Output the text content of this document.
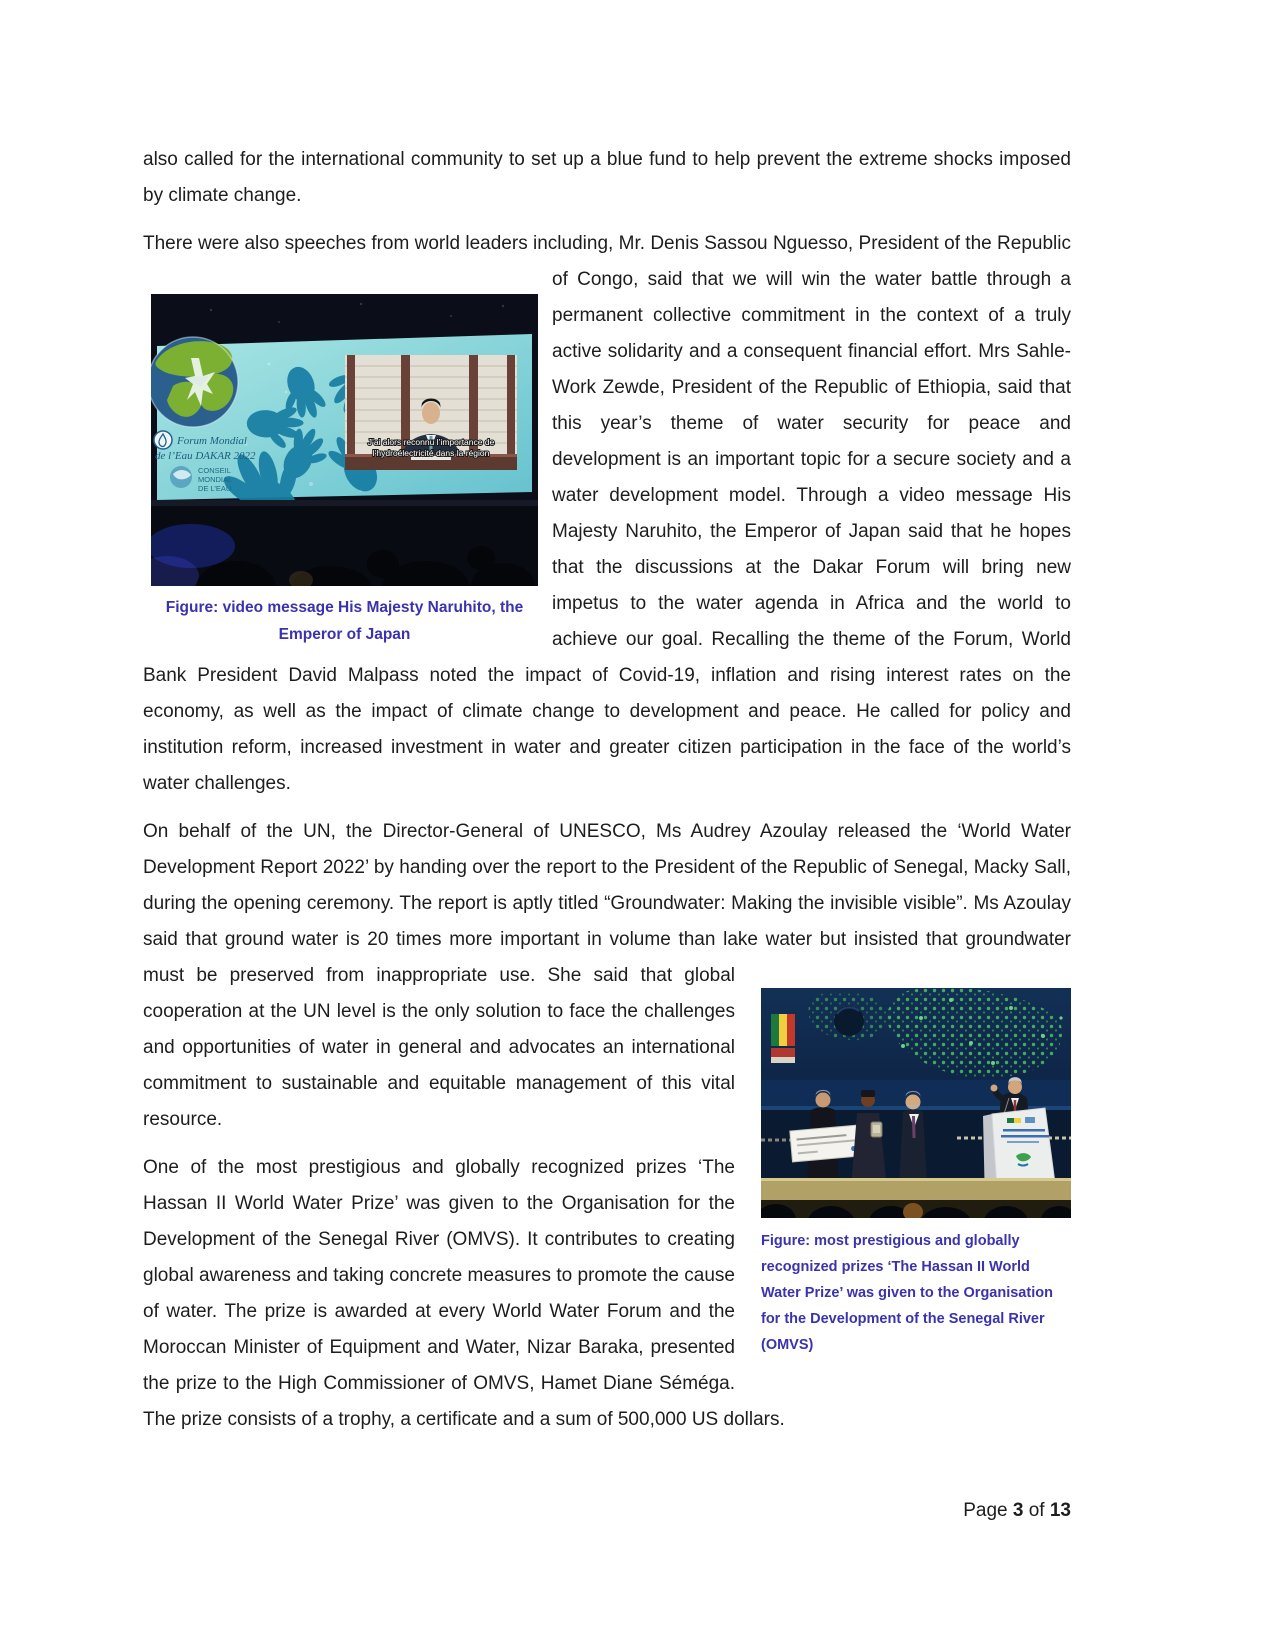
also called for the international community to set up a blue fund to help prevent the extreme shocks imposed by climate change.

There were also speeches from world leaders including, Mr. Denis Sassou Nguesso, President of the
Forum Mondial
de l’Eau DAKAR 2022
CONSEIL
MONDIAL
DE L’EAU
J’ai alors reconnu l’importance de
l’hydroélectricité dans la région
Figure: video message His Majesty Naruhito, the Emperor of Japan
Republic of Congo, said that we will win the water battle through a permanent collective commitment in the context of a truly active solidarity and a consequent financial effort. Mrs Sahle-Work Zewde, President of the Republic of Ethiopia, said that this year’s theme of water security for peace and development is an important topic for a secure society and a water development model. Through a video message His Majesty Naruhito, the Emperor of Japan said that he hopes that the discussions at the Dakar Forum will bring new impetus to the water agenda in Africa and the world to achieve our goal. Recalling the theme of the Forum, World Bank President David Malpass noted the impact of Covid-19, inflation and rising interest rates on the economy, as well as the impact of climate change to development and peace. He called for policy and institution reform, increased investment in water and greater citizen participation in the face of the world’s water challenges.

On behalf of the UN, the Director-General of UNESCO, Ms Audrey Azoulay released the ‘World Water Development Report 2022’ by handing over the report to the President of the Republic of Senegal, Macky Sall, during the opening ceremony. The report is aptly titled “Groundwater: Making the invisible visible”. Ms Azoulay said that ground water is 20 times more important in volume than lake water but
Figure: most prestigious and globally recognized prizes ‘The Hassan II World Water Prize’ was given to the Organisation for the Development of the Senegal River (OMVS)
insisted that groundwater must be preserved from inappropriate use. She said that global cooperation at the UN level is the only solution to face the challenges and opportunities of water in general and advocates an international commitment to sustainable and equitable management of this vital resource.

One of the most prestigious and globally recognized prizes ‘The Hassan II World Water Prize’ was given to the Organisation for the Development of the Senegal River (OMVS). It contributes to creating global awareness and taking concrete measures to promote the cause of water. The prize is awarded at every World Water Forum and the Moroccan Minister of Equipment and Water, Nizar Baraka, presented the prize to the High Commissioner of OMVS, Hamet Diane Séméga. The prize consists of a trophy, a certificate and a sum of 500,000 US dollars.

Page 3 of 13
